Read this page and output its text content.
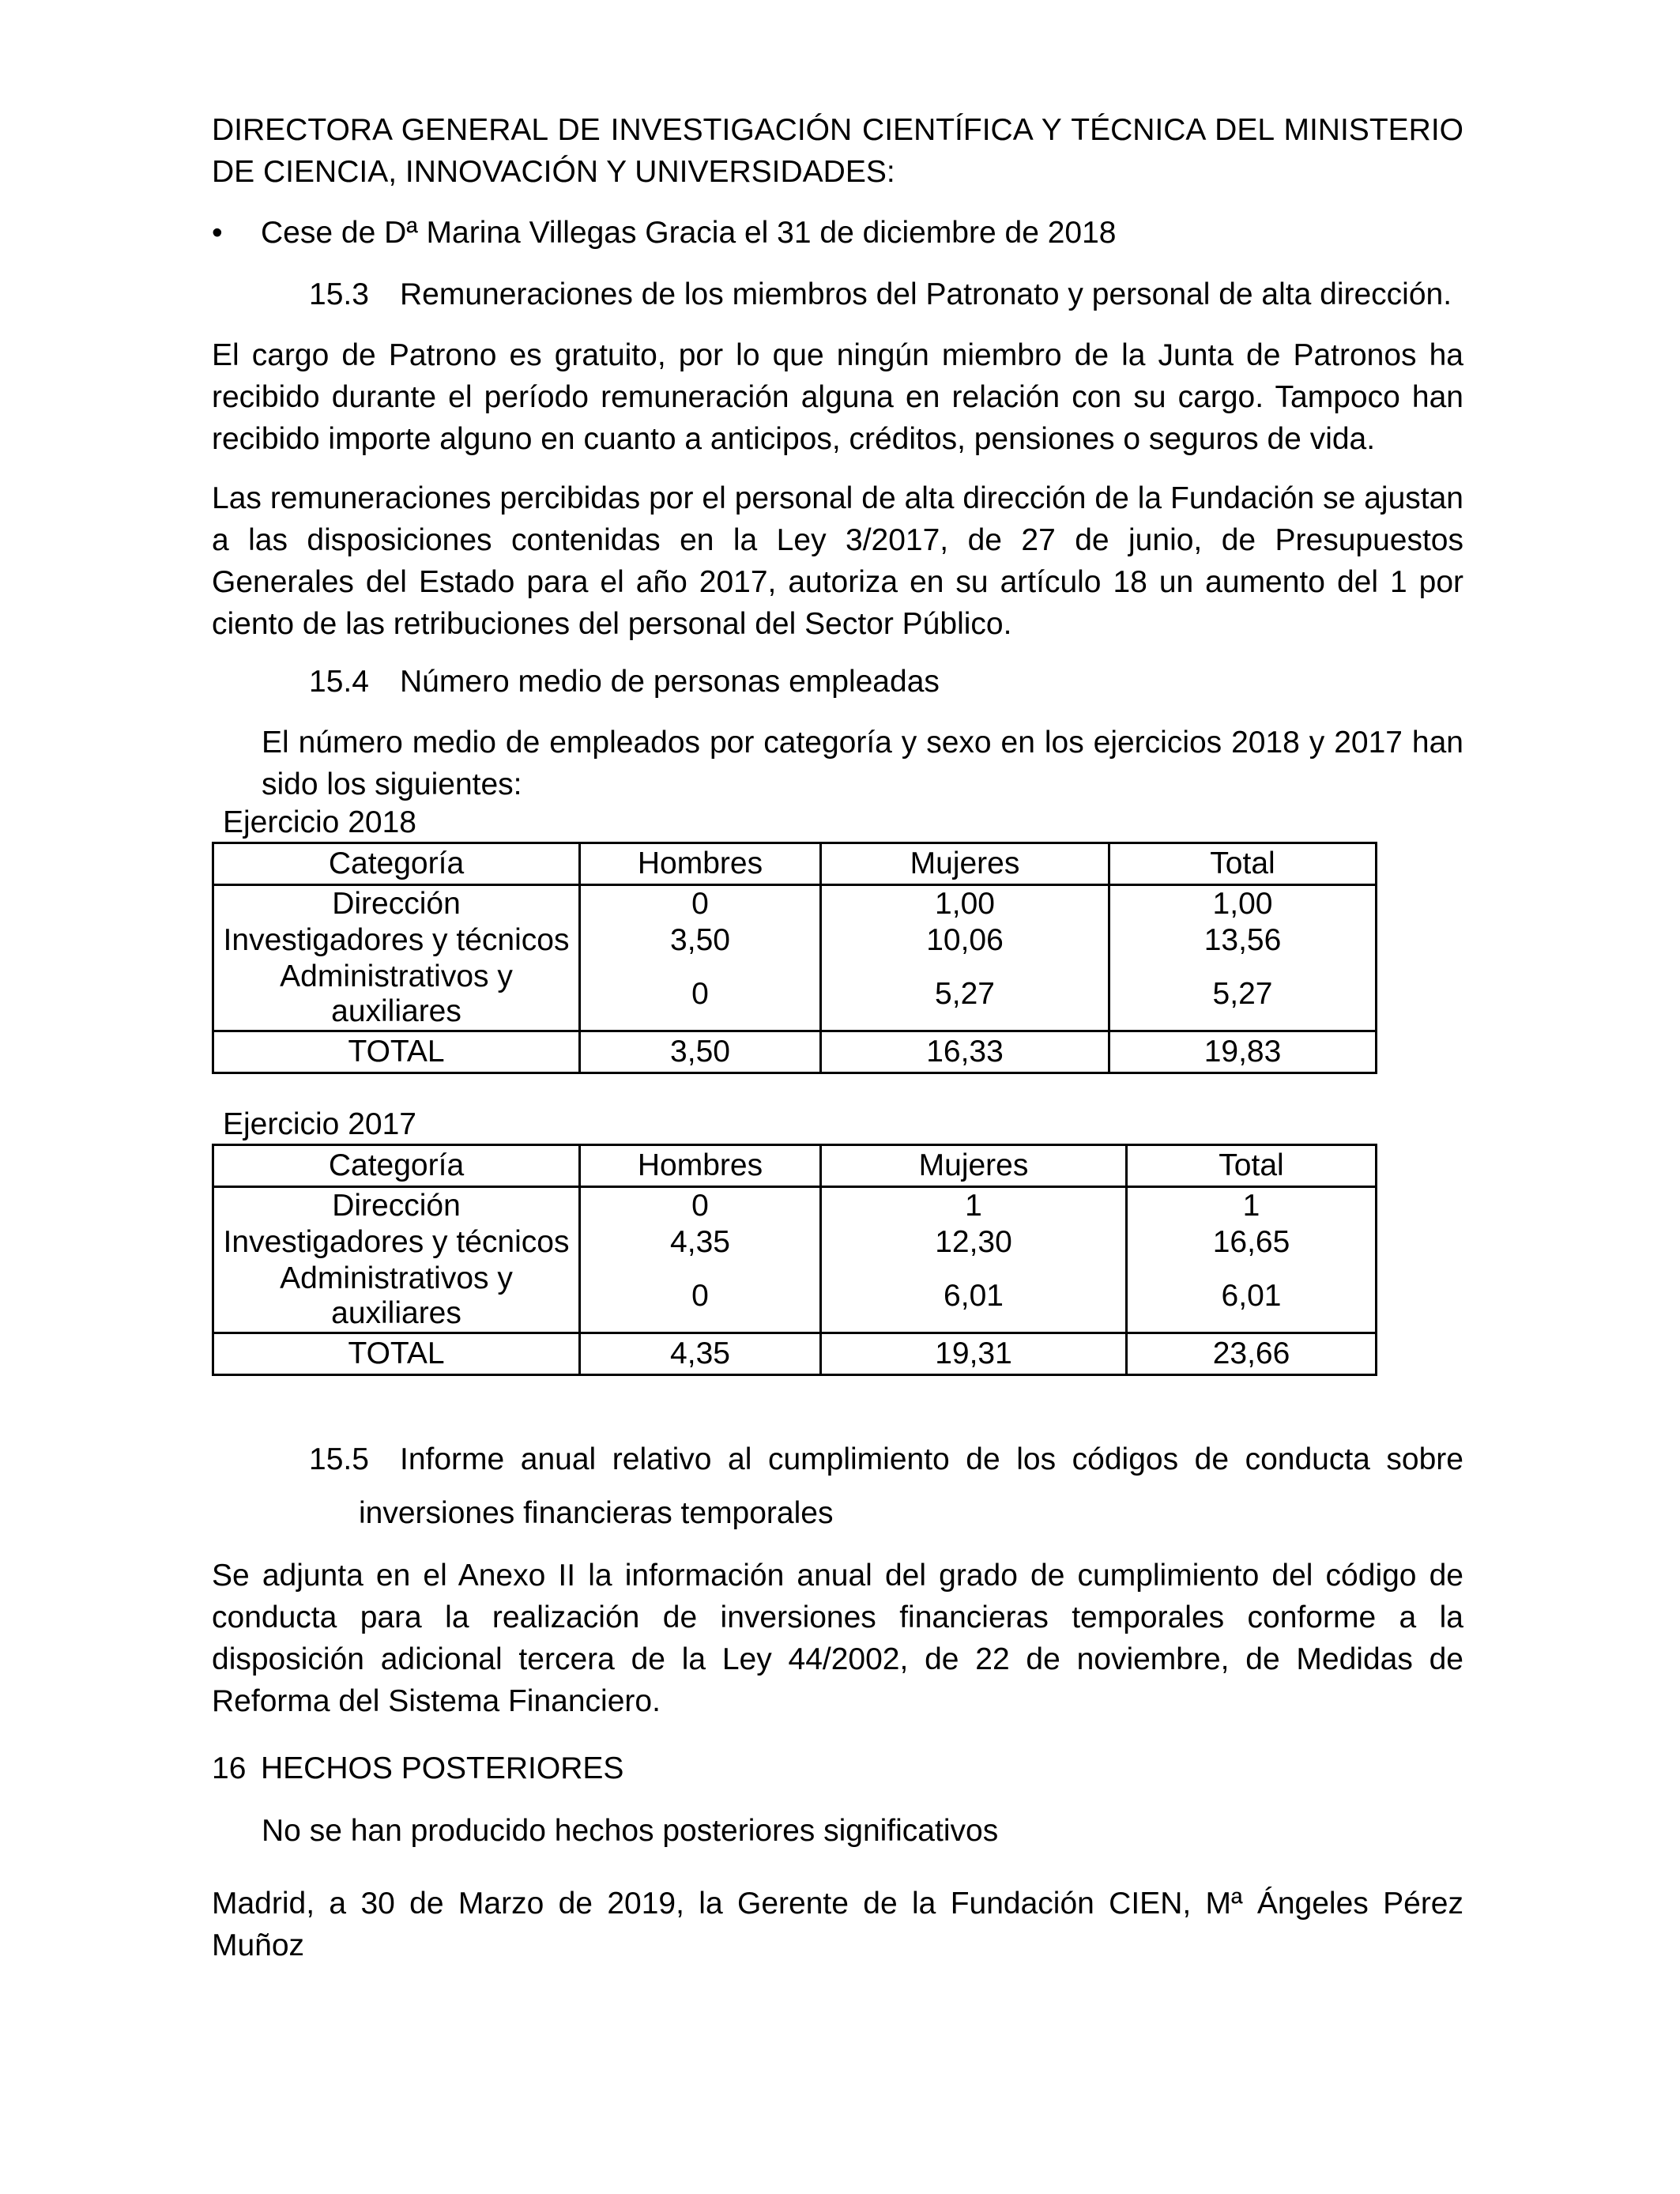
DIRECTORA GENERAL DE INVESTIGACIÓN CIENTÍFICA Y TÉCNICA DEL MINISTERIO DE CIENCIA, INNOVACIÓN Y UNIVERSIDADES:

• Cese de Dª Marina Villegas Gracia el 31 de diciembre de 2018
15.3 Remuneraciones de los miembros del Patronato y personal de alta dirección.

El cargo de Patrono es gratuito, por lo que ningún miembro de la Junta de Patronos ha recibido durante el período remuneración alguna en relación con su cargo. Tampoco han recibido importe alguno en cuanto a anticipos, créditos, pensiones o seguros de vida.

Las remuneraciones percibidas por el personal de alta dirección de la Fundación se ajustan a las disposiciones contenidas en la Ley 3/2017, de 27 de junio, de Presupuestos Generales del Estado para el año 2017, autoriza en su artículo 18 un aumento del 1 por ciento de las retribuciones del personal del Sector Público.

15.4 Número medio de personas empleadas

El número medio de empleados por categoría y sexo en los ejercicios 2018 y 2017 han sido los siguientes:

Ejercicio 2018
Categoría	Hombres	Mujeres	Total
Dirección	0	1,00	1,00
Investigadores y técnicos	3,50	10,06	13,56
Administrativos y auxiliares	0	5,27	5,27
TOTAL	3,50	16,33	19,83
Ejercicio 2017
Categoría	Hombres	Mujeres	Total
Dirección	0	1	1
Investigadores y técnicos	4,35	12,30	16,65
Administrativos y auxiliares	0	6,01	6,01
TOTAL	4,35	19,31	23,66
15.5 Informe anual relativo al cumplimiento de los códigos de conducta sobre
inversiones financieras temporales

Se adjunta en el Anexo II la información anual del grado de cumplimiento del código de conducta para la realización de inversiones financieras temporales conforme a la disposición adicional tercera de la Ley 44/2002, de 22 de noviembre, de Medidas de Reforma del Sistema Financiero.

16 HECHOS POSTERIORES
No se han producido hechos posteriores significativos

Madrid, a 30 de Marzo de 2019, la Gerente de la Fundación CIEN, Mª Ángeles Pérez Muñoz
